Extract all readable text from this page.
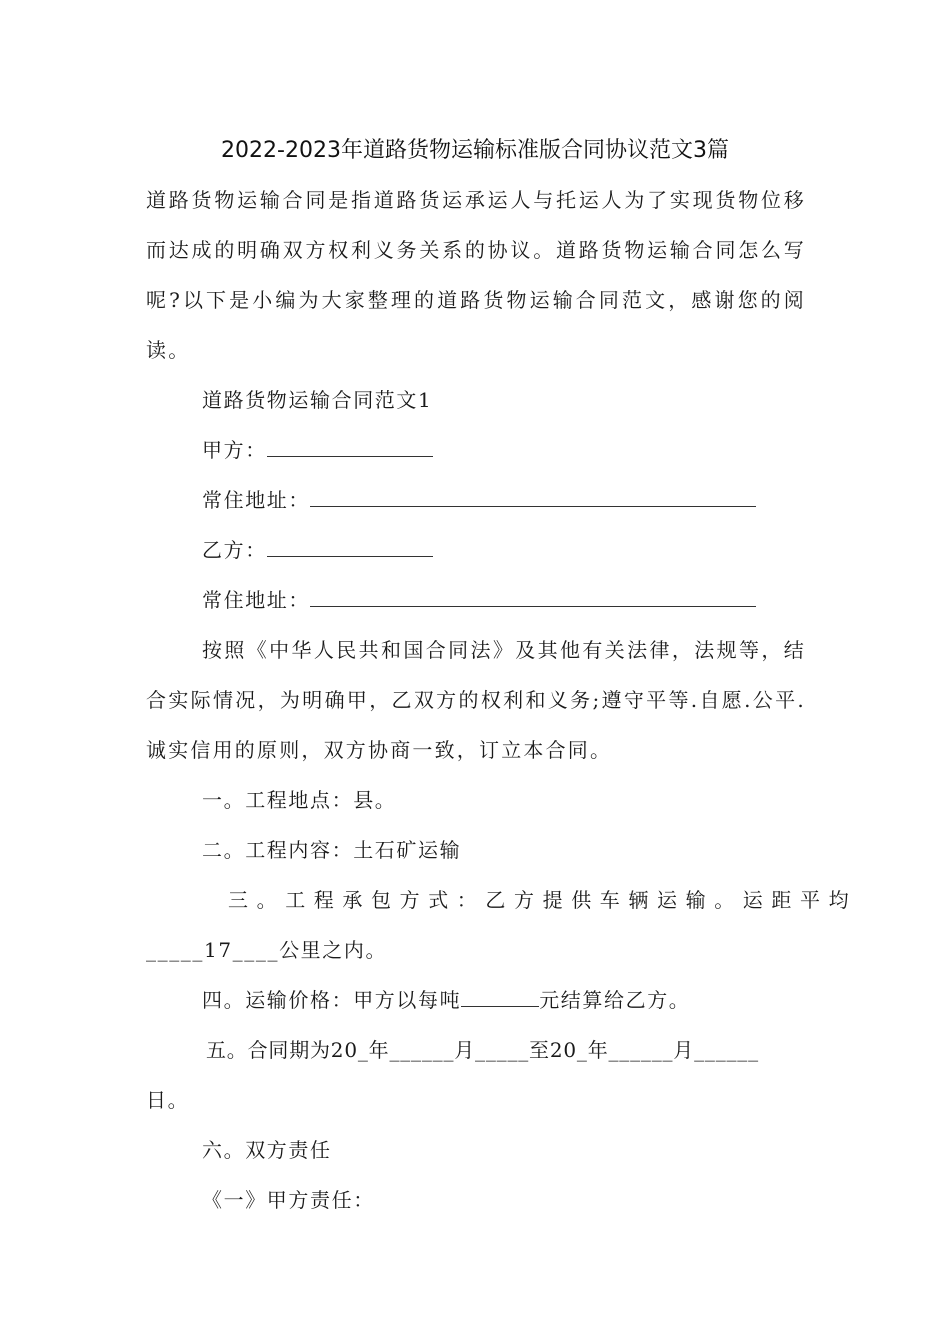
2022-2023年道路货物运输标准版合同协议范文3篇
道路货物运输合同是指道路货运承运人与托运人为了实现货物位移而达成的明确双方权利义务关系的协议。道路货物运输合同怎么写呢?以下是小编为大家整理的道路货物运输合同范文，感谢您的阅读。
道路货物运输合同范文1
甲方：
常住地址：
乙方：
常住地址：
按照《中华人民共和国合同法》及其他有关法律，法规等，结合实际情况，为明确甲，乙双方的权利和义务;遵守平等.自愿.公平.诚实信用的原则，双方协商一致，订立本合同。
一。工程地点：县。
二。工程内容：土石矿运输
三。工程承包方式：乙方提供车辆运输。运距平均
_____17____公里之内。
四。运输价格：甲方以每吨	元结算给乙方。
五。合同期为20_年______月_____至20_年______月______
日。
六。双方责任
《一》甲方责任：
